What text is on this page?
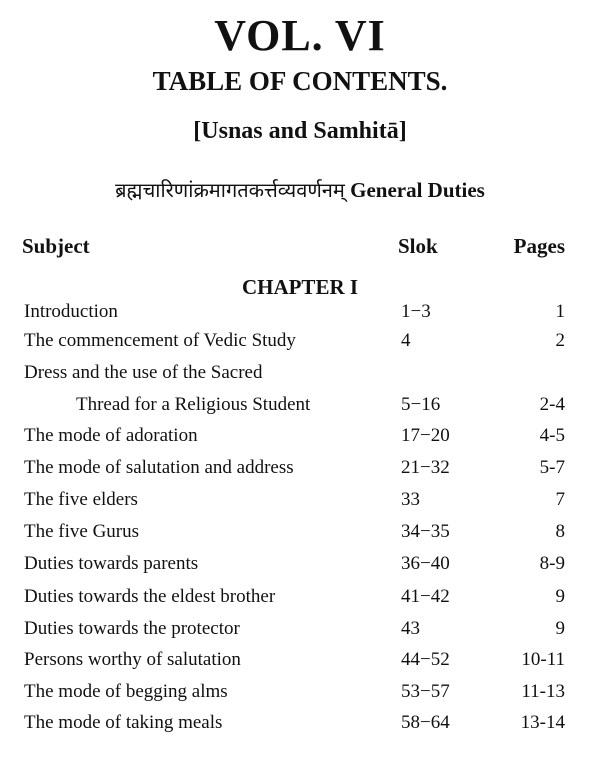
VOL. VI
TABLE OF CONTENTS.
[Usnas and Samhitā]
ब्रह्मचारिणांक्रमागतकर्त्तव्यवर्णनम् General Duties
Subject	Slok	Pages
CHAPTER I
Introduction	1−3	1
The commencement of Vedic Study	4	2
Dress and the use of the Sacred
Thread for a Religious Student	5−16	2-4
The mode of adoration	17−20	4-5
The mode of salutation and address	21−32	5-7
The five elders	33	7
The five Gurus	34−35	8
Duties towards parents	36−40	8-9
Duties towards the eldest brother	41−42	9
Duties towards the protector	43	9
Persons worthy of salutation	44−52	10-11
The mode of begging alms	53−57	11-13
The mode of taking meals	58−64	13-14
